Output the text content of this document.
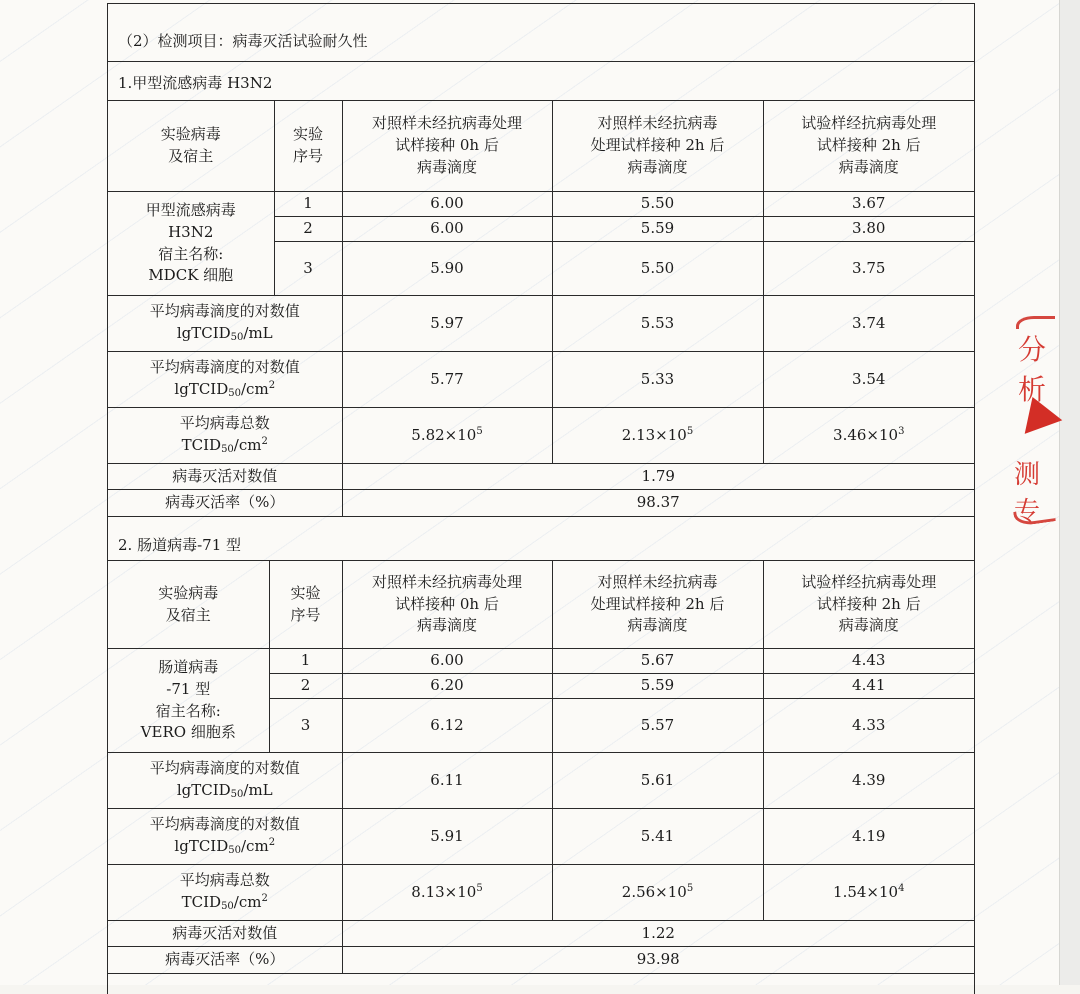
（2）检测项目：病毒灭活试验耐久性
1.甲型流感病毒 H3N2
实验病毒
及宿主	实验
序号	对照样未经抗病毒处理
试样接种 0h 后
病毒滴度	对照样未经抗病毒
处理试样接种 2h 后
病毒滴度	试验样经抗病毒处理
试样接种 2h 后
病毒滴度

甲型流感病毒
H3N2
宿主名称:
MDCK 细胞	1	6.00	5.50	3.67
	2	6.00	5.59	3.80
	3	5.90	5.50	3.75

平均病毒滴度的对数值
lgTCID$_{50}$/mL		5.97	5.53	3.74

平均病毒滴度的对数值
$lgTCID_{50}/cm^2$		5.77	5.33	3.54

平均病毒总数
$TCID_{50}/cm^2$		$5.82\times 10^5$	$2.13\times 10^5$	$3.46\times 10^3$
病毒灭活对数值		1.79		
病毒灭活率（%）		98.37		
2. 肠道病毒-71 型
实验病毒
及宿主	实验
序号	对照样未经抗病毒处理
试样接种 0h 后
病毒滴度	对照样未经抗病毒
处理试样接种 2h 后
病毒滴度	试验样经抗病毒处理
试样接种 2h 后
病毒滴度

肠道病毒
-71 型
宿主名称:
VERO 细胞系	1	6.00	5.67	4.43
	2	6.20	5.59	4.41
	3	6.12	5.57	4.33

平均病毒滴度的对数值
lgTCID$_{50}$/mL		6.11	5.61	4.39

平均病毒滴度的对数值
$lgTCID_{50}/cm^2$		5.91	5.41	4.19

平均病毒总数
$TCID_{50}/cm^2$		$8.13\times 10^5$	$2.56\times 10^5$	$1.54\times 10^4$
病毒灭活对数值		1.22		
病毒灭活率（%）		93.98		
分析
测专
